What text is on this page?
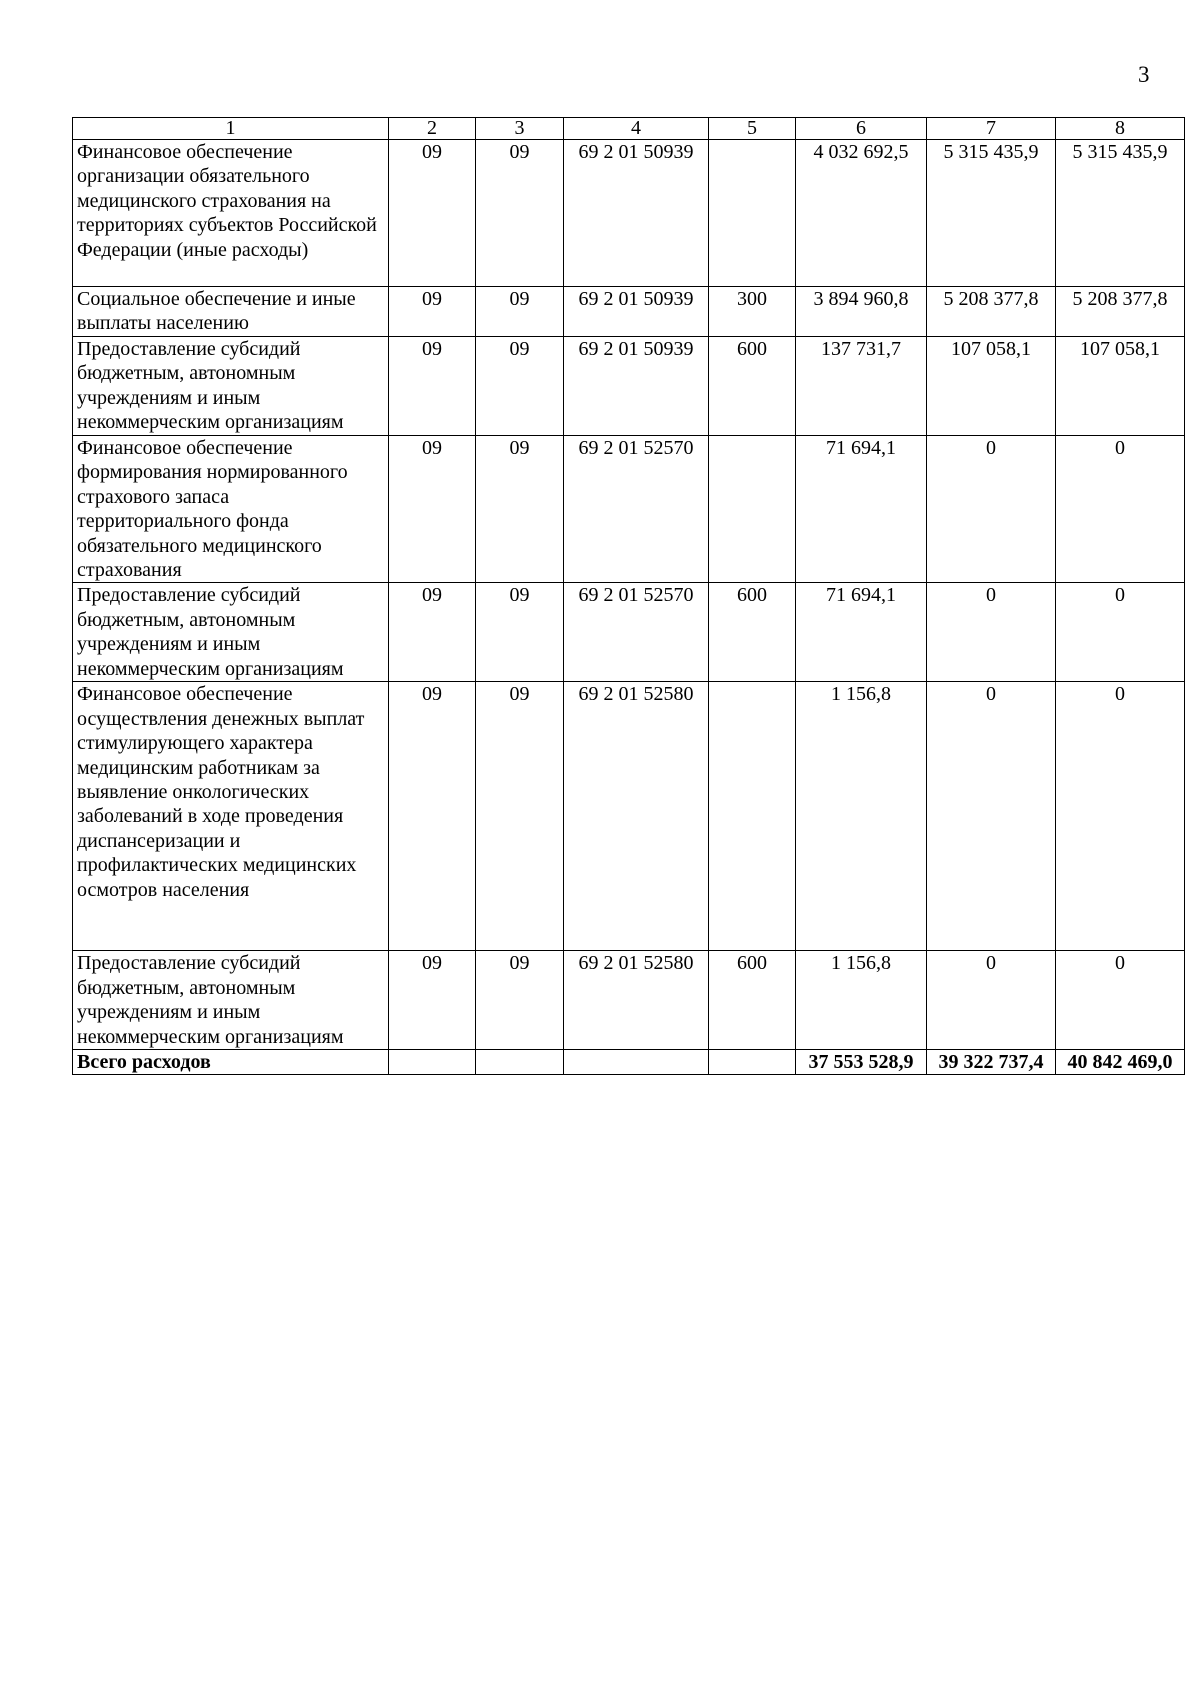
3
1	2	3	4	5	6	7	8
Финансовое обеспечение организации обязательного медицинского страхования на территориях субъектов Российской Федерации (иные расходы)	09	09	69 2 01 50939		4 032 692,5	5 315 435,9	5 315 435,9
Социальное обеспечение и иные выплаты населению	09	09	69 2 01 50939	300	3 894 960,8	5 208 377,8	5 208 377,8
Предоставление субсидий бюджетным, автономным учреждениям и иным некоммерческим организациям	09	09	69 2 01 50939	600	137 731,7	107 058,1	107 058,1
Финансовое обеспечение формирования нормированного страхового запаса территориального фонда обязательного медицинского страхования	09	09	69 2 01 52570		71 694,1	0	0
Предоставление субсидий бюджетным, автономным учреждениям и иным некоммерческим организациям	09	09	69 2 01 52570	600	71 694,1	0	0
Финансовое обеспечение осуществления денежных выплат стимулирующего характера медицинским работникам за выявление онкологических заболеваний в ходе проведения диспансеризации и профилактических медицинских осмотров населения	09	09	69 2 01 52580		1 156,8	0	0
Предоставление субсидий бюджетным, автономным учреждениям и иным некоммерческим организациям	09	09	69 2 01 52580	600	1 156,8	0	0
Всего расходов					37 553 528,9	39 322 737,4	40 842 469,0
